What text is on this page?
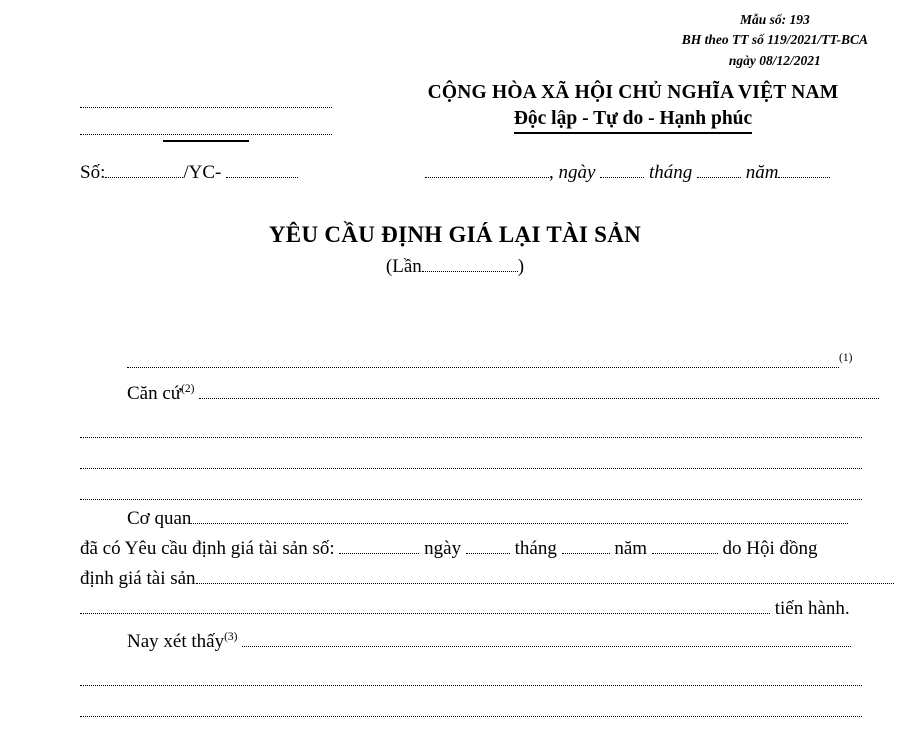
Mẫu số: 193
BH theo TT số 119/2021/TT-BCA
ngày 08/12/2021
CỘNG HÒA XÃ HỘI CHỦ NGHĨA VIỆT NAM
Độc lập - Tự do - Hạnh phúc
Số:	/YC-	, ngày	tháng	năm
YÊU CẦU ĐỊNH GIÁ LẠI TÀI SẢN
(Lần	)
$^{(1)}$
Căn cứ$^{(2)}$
Cơ quan
đã có Yêu cầu định giá tài sản số:	ngày	tháng	năm	do Hội đồng
định giá tài sản
tiến hành.
Nay xét thấy$^{(3)}$
